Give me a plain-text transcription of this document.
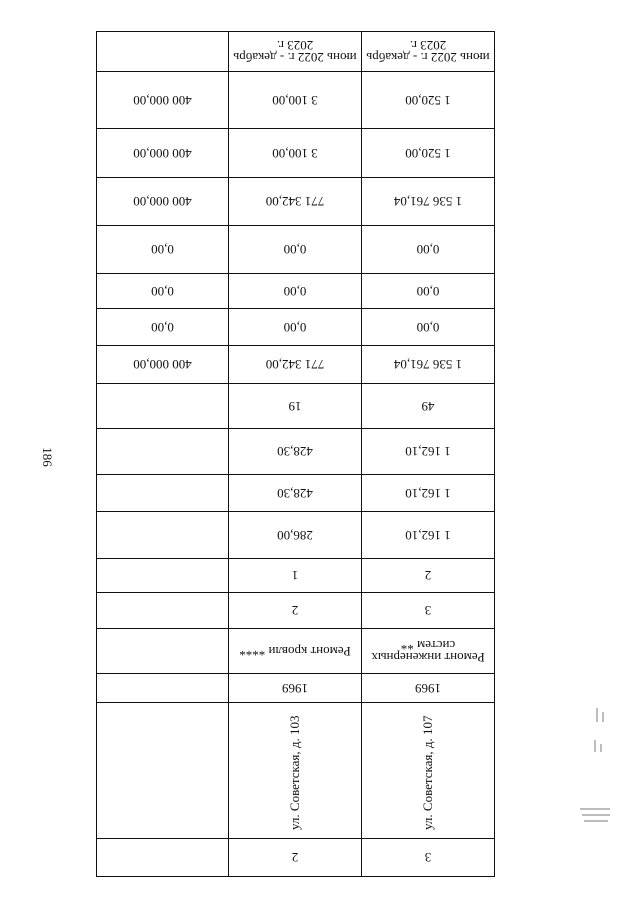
186
3	2	
ул. Советская, д. 107	ул. Советская, д. 103	
1969	1969	
Ремонт инженерных систем **	Ремонт кровли ****	
3	2	
2	1	
1 162,10	286,00	
1 162,10	428,30	
1 162,10	428,30	
49	19	
1 536 761,04	771 342,00	400 000,00
0,00	0,00	0,00
0,00	0,00	0,00
0,00	0,00	0,00
1 536 761,04	771 342,00	400 000,00
1 520,00	3 100,00	400 000,00
1 520,00	3 100,00	400 000,00
июнь 2022 г. - декабрь 2023 г.	июнь 2022 г. - декабрь 2023 г.	
